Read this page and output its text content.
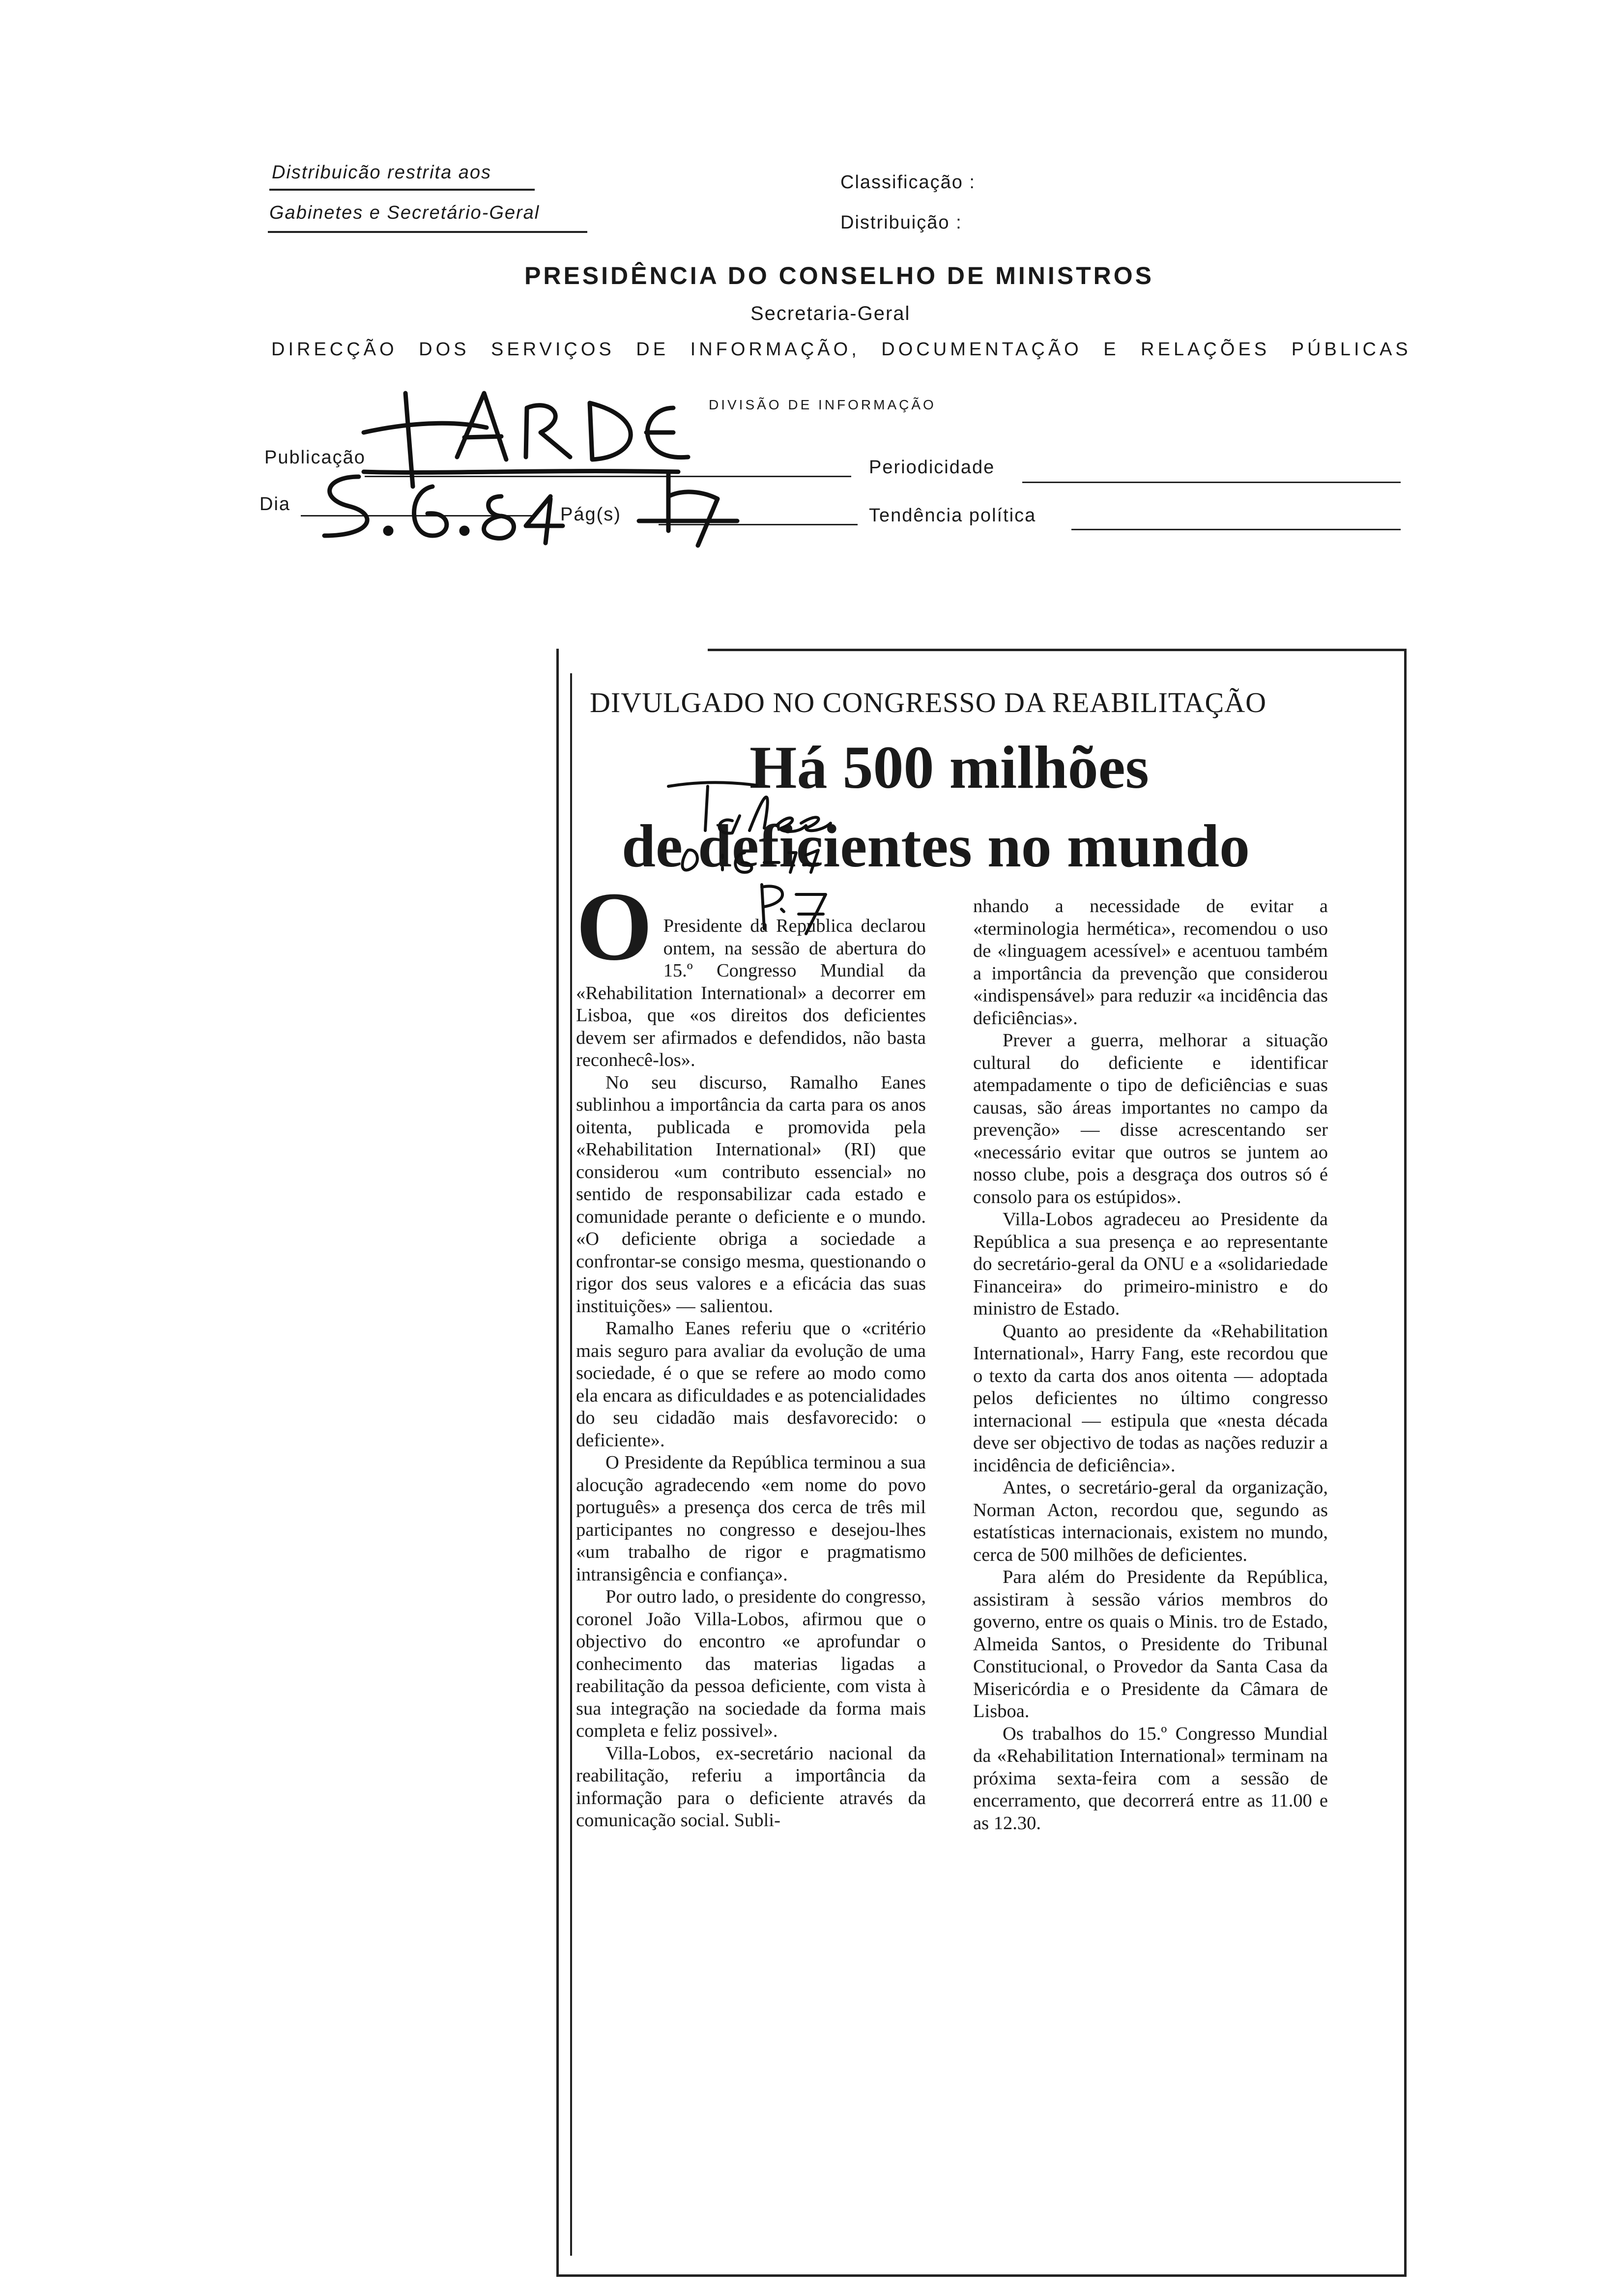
Distribuicão restrita aos
Gabinetes e Secretário-Geral
Classificação :
Distribuição :
PRESIDÊNCIA DO CONSELHO DE MINISTROS
Secretaria-Geral
DIRECÇÃO DOS SERVIÇOS DE INFORMAÇÃO, DOCUMENTAÇÃO E RELAÇÕES PÚBLICAS
DIVISÃO DE INFORMAÇÃO
Publicação	Periodicidade
Dia	Pág(s)	Tendência política
DIVULGADO NO CONGRESSO DA REABILITAÇÃO
Há 500 milhões
de deficientes no mundo

O Presidente da República declarou ontem, na sessão de abertura do 15.º Congresso Mundial da «Rehabilitation International» a decorrer em Lisboa, que «os direitos dos deficientes devem ser afirmados e defendidos, não basta reconhecê-los».

No seu discurso, Ramalho Eanes sublinhou a importância da carta para os anos oitenta, publicada e promovida pela «Rehabilitation International» (RI) que considerou «um contributo essencial» no sentido de responsabilizar cada estado e comunidade perante o deficiente e o mundo. «O deficiente obriga a sociedade a confrontar-se consigo mesma, questionando o rigor dos seus valores e a eficácia das suas instituições» — salientou.

Ramalho Eanes referiu que o «critério mais seguro para avaliar da evolução de uma sociedade, é o que se refere ao modo como ela encara as dificuldades e as potencialidades do seu cidadão mais desfavorecido: o deficiente».

O Presidente da República terminou a sua alocução agradecendo «em nome do povo português» a presença dos cerca de três mil participantes no congresso e desejou-lhes «um trabalho de rigor e pragmatismo intransigência e confiança».

Por outro lado, o presidente do congresso, coronel João Villa-Lobos, afirmou que o objectivo do encontro «e aprofundar o conhecimento das materias ligadas a reabilitação da pessoa deficiente, com vista à sua integração na sociedade da forma mais completa e feliz possivel».

Villa-Lobos, ex-secretário nacional da reabilitação, referiu a importância da informação para o deficiente através da comunicação social. Subli-

nhando a necessidade de evitar a «terminologia hermética», recomendou o uso de «linguagem acessível» e acentuou também a importância da prevenção que considerou «indispensável» para reduzir «a incidência das deficiências».

Prever a guerra, melhorar a situação cultural do deficiente e identificar atempadamente o tipo de deficiências e suas causas, são áreas importantes no campo da prevenção» — disse acrescentando ser «necessário evitar que outros se juntem ao nosso clube, pois a desgraça dos outros só é consolo para os estúpidos».

Villa-Lobos agradeceu ao Presidente da República a sua presença e ao representante do secretário-geral da ONU e a «solidariedade Financeira» do primeiro-ministro e do ministro de Estado.

Quanto ao presidente da «Rehabilitation International», Harry Fang, este recordou que o texto da carta dos anos oitenta — adoptada pelos deficientes no último congresso internacional — estipula que «nesta década deve ser objectivo de todas as nações reduzir a incidência de deficiência».

Antes, o secretário-geral da organização, Norman Acton, recordou que, segundo as estatísticas internacionais, existem no mundo, cerca de 500 milhões de deficientes.

Para além do Presidente da República, assistiram à sessão vários membros do governo, entre os quais o Minis. tro de Estado, Almeida Santos, o Presidente do Tribunal Constitucional, o Provedor da Santa Casa da Misericórdia e o Presidente da Câmara de Lisboa.

Os trabalhos do 15.º Congresso Mundial da «Rehabilitation International» terminam na próxima sexta-feira com a sessão de encerramento, que decorrerá entre as 11.00 e as 12.30.
